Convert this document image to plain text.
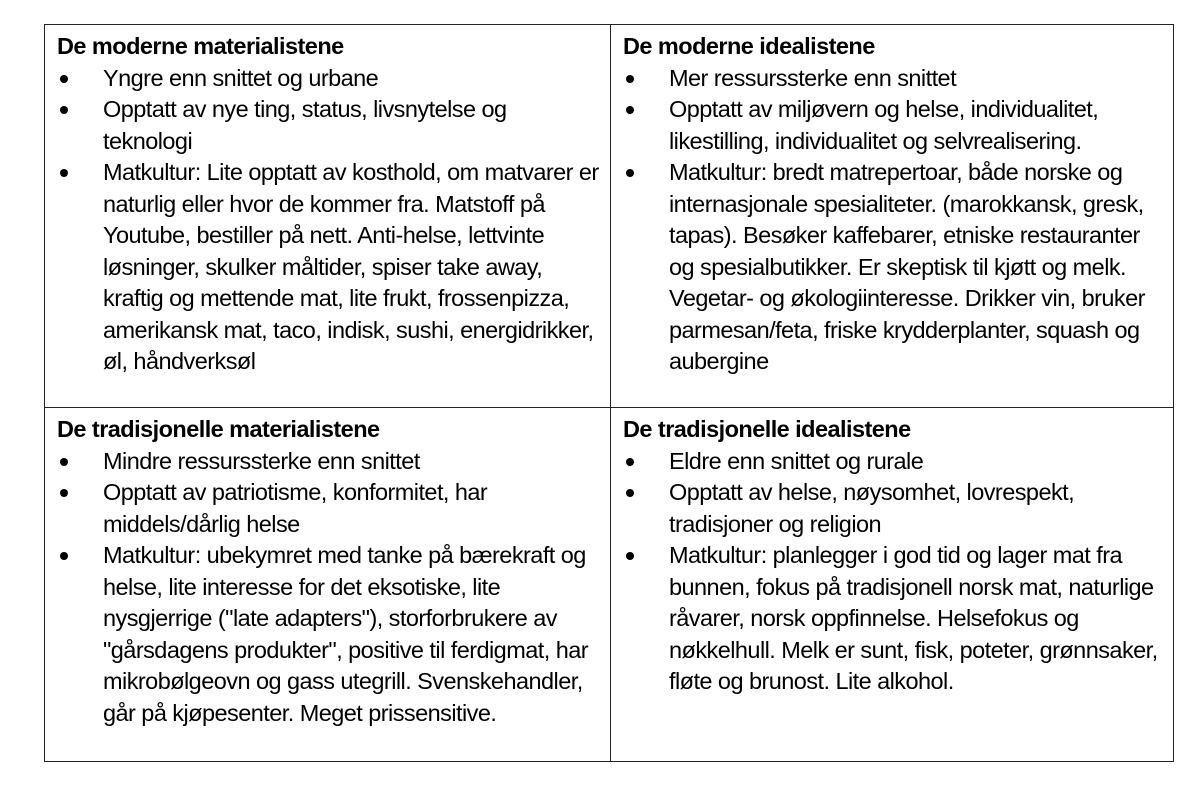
De moderne materialistene
Yngre enn snittet og urbane
Opptatt av nye ting, status, livsnytelse og teknologi
Matkultur: Lite opptatt av kosthold, om matvarer er naturlig eller hvor de kommer fra. Matstoff på Youtube, bestiller på nett. Anti-helse, lettvinte løsninger, skulker måltider, spiser take away, kraftig og mettende mat, lite frukt, frossenpizza, amerikansk mat, taco, indisk, sushi, energidrikker, øl, håndverksøl
De moderne idealistene
Mer ressurssterke enn snittet
Opptatt av miljøvern og helse, individualitet, likestilling, individualitet og selvrealisering.
Matkultur: bredt matrepertoar, både norske og internasjonale spesialiteter. (marokkansk, gresk, tapas). Besøker kaffebarer, etniske restauranter og spesialbutikker. Er skeptisk til kjøtt og melk. Vegetar- og økologiinteresse. Drikker vin, bruker parmesan/feta, friske krydderplanter, squash og aubergine
De tradisjonelle materialistene
Mindre ressurssterke enn snittet
Opptatt av patriotisme, konformitet, har middels/dårlig helse
Matkultur: ubekymret med tanke på bærekraft og helse, lite interesse for det eksotiske, lite nysgjerrige ("late adapters"), storforbrukere av "gårsdagens produkter", positive til ferdigmat, har mikrobølgeovn og gass utegrill. Svenskehandler, går på kjøpesenter. Meget prissensitive.
De tradisjonelle idealistene
Eldre enn snittet og rurale
Opptatt av helse, nøysomhet, lovrespekt, tradisjoner og religion
Matkultur: planlegger i god tid og lager mat fra bunnen, fokus på tradisjonell norsk mat, naturlige råvarer, norsk oppfinnelse. Helsefokus og nøkkelhull. Melk er sunt, fisk, poteter, grønnsaker, fløte og brunost. Lite alkohol.
